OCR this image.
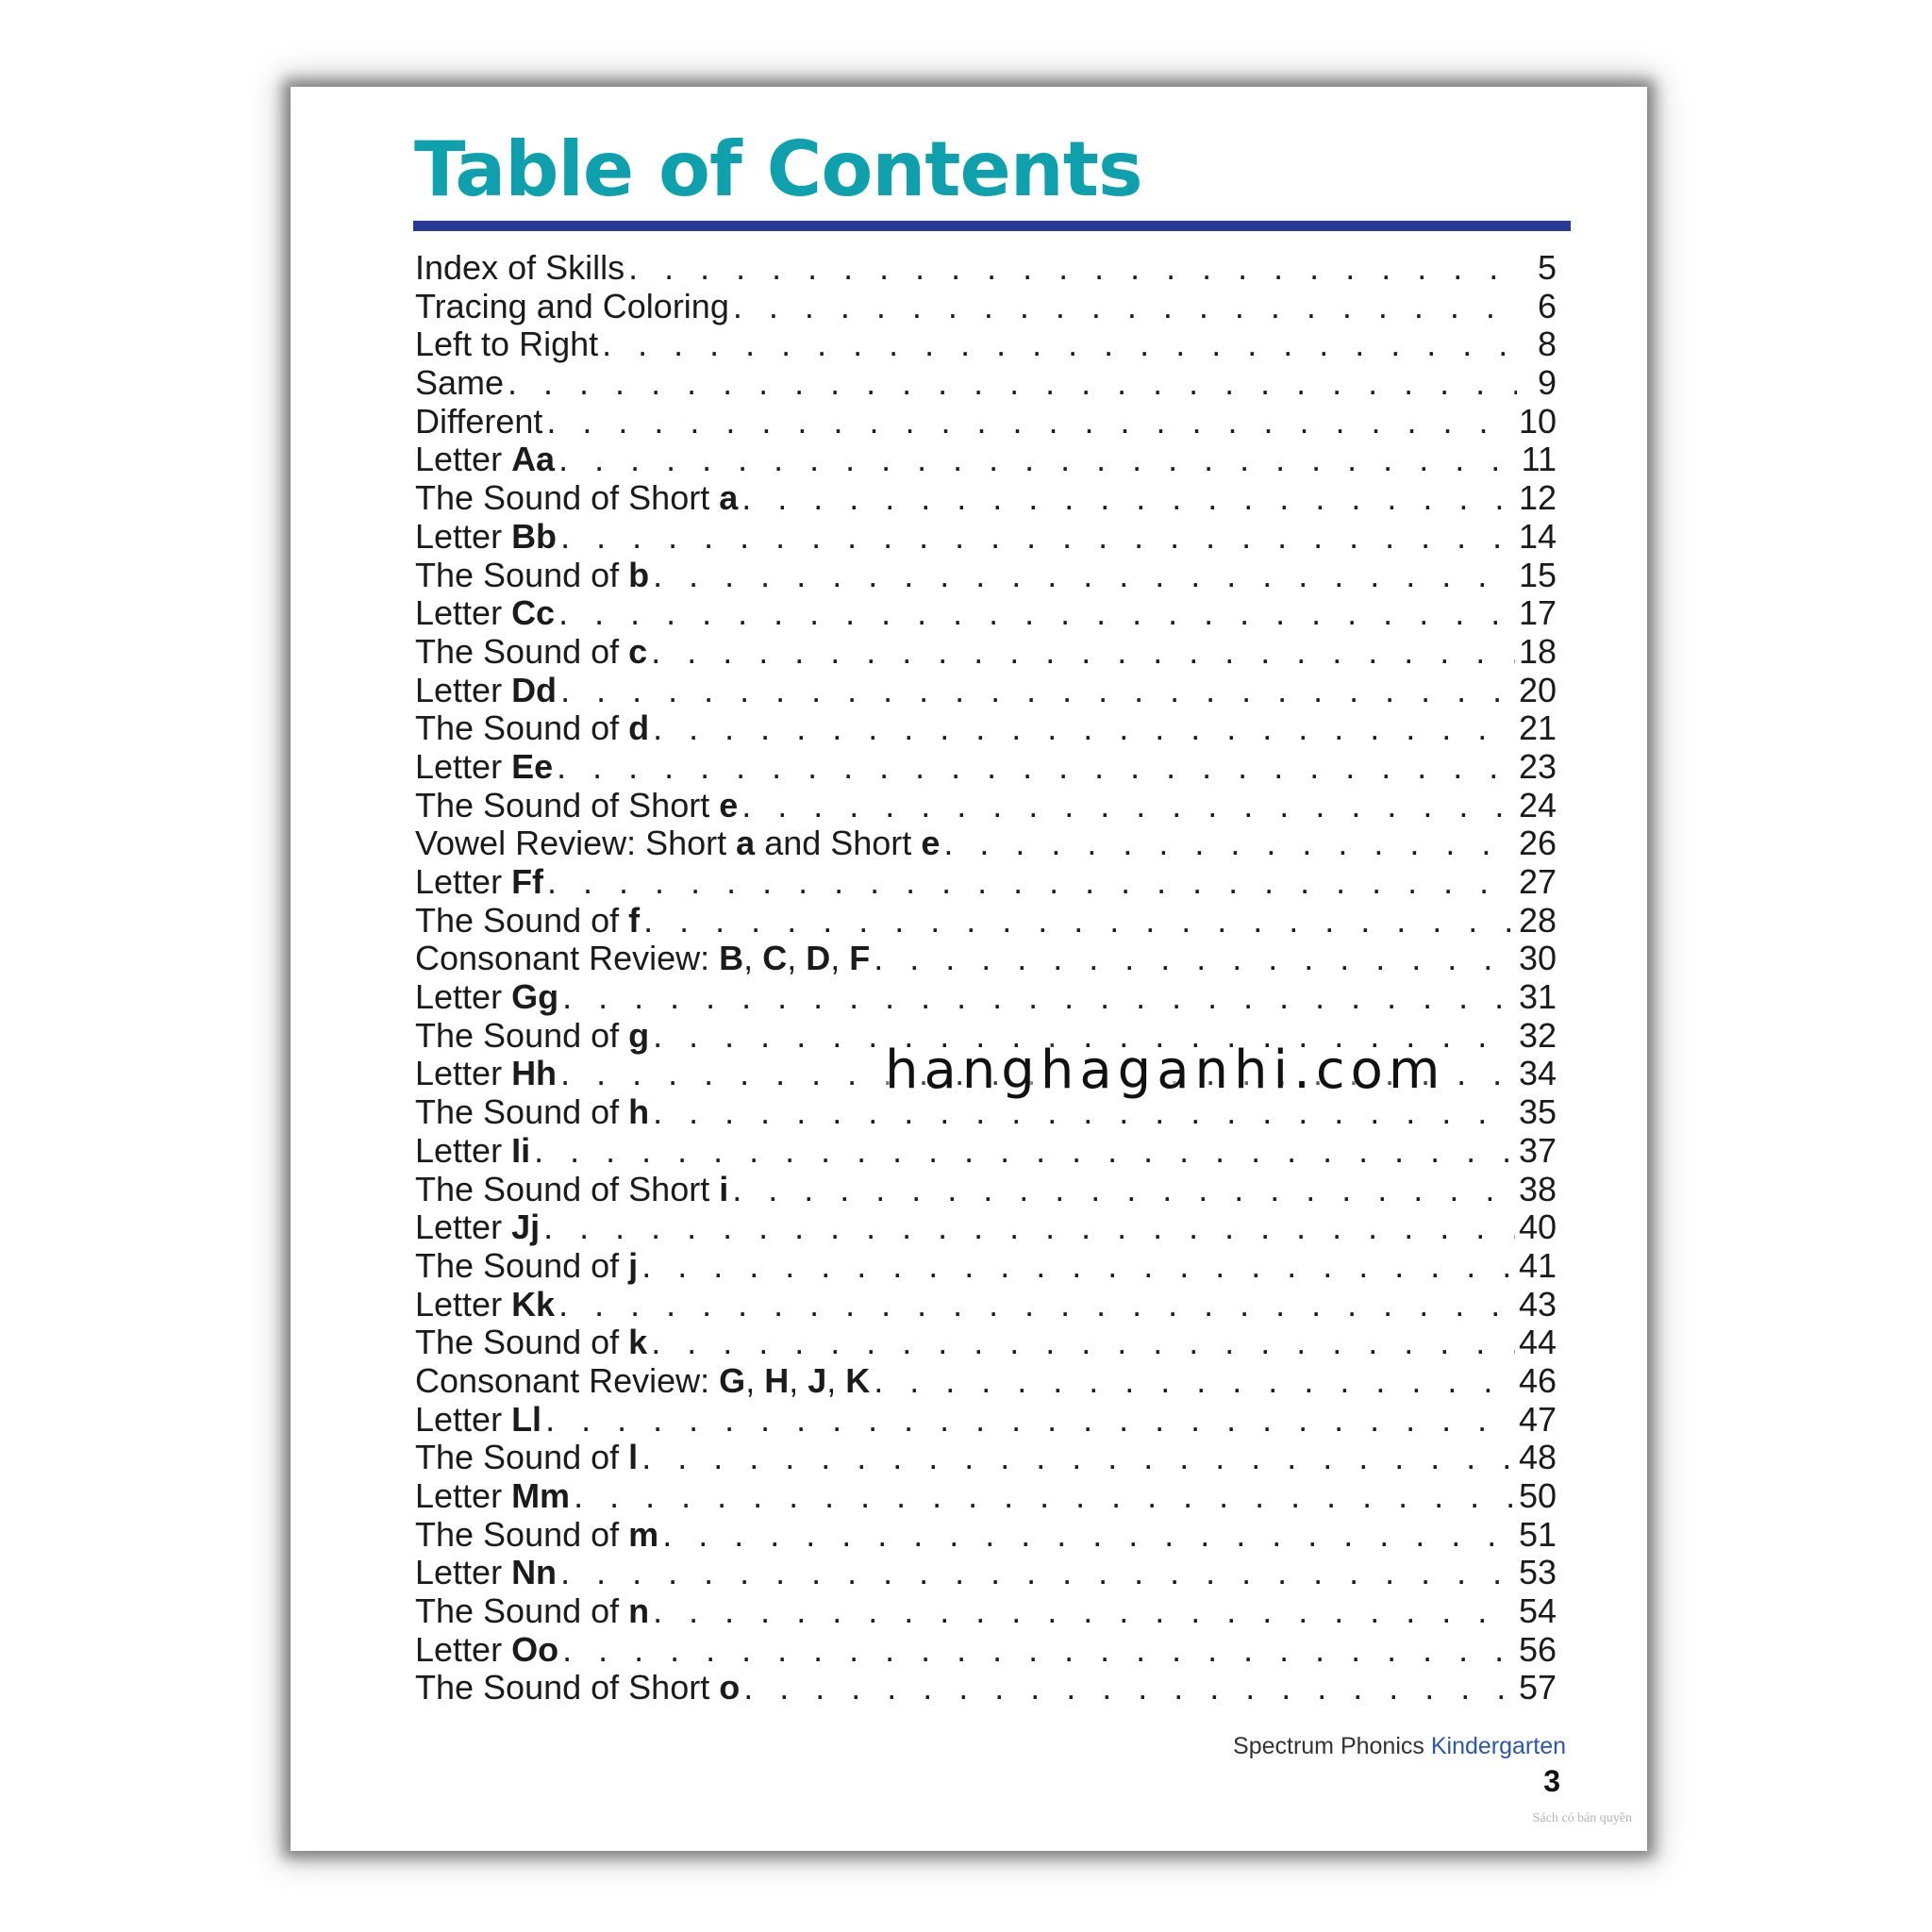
Table of Contents
Index of Skills . . .	5
Tracing and Coloring . . .	6
Left to Right . . .	8
Same . . .	9
Different . . .	10
Letter Aa . . .	11
The Sound of Short a . . .	12
Letter Bb . . .	14
The Sound of b . . .	15
Letter Cc . . .	17
The Sound of c . . .	18
Letter Dd . . .	20
The Sound of d . . .	21
Letter Ee . . .	23
The Sound of Short e . . .	24
Vowel Review: Short a and Short e . . .	26
Letter Ff . . .	27
The Sound of f . . .	28
Consonant Review: B, C, D, F . . .	30
Letter Gg . . .	31
The Sound of g . . .	32
Letter Hh . . .	34
The Sound of h . . .	35
Letter Ii . . .	37
The Sound of Short i . . .	38
Letter Jj . . .	40
The Sound of j . . .	41
Letter Kk . . .	43
The Sound of k . . .	44
Consonant Review: G, H, J, K . . .	46
Letter Ll . . .	47
The Sound of l . . .	48
Letter Mm . . .	50
The Sound of m . . .	51
Letter Nn . . .	53
The Sound of n . . .	54
Letter Oo . . .	56
The Sound of Short o . . .	57

hanghaganhi.com

Spectrum Phonics Kindergarten

3

Sách có bản quyền
